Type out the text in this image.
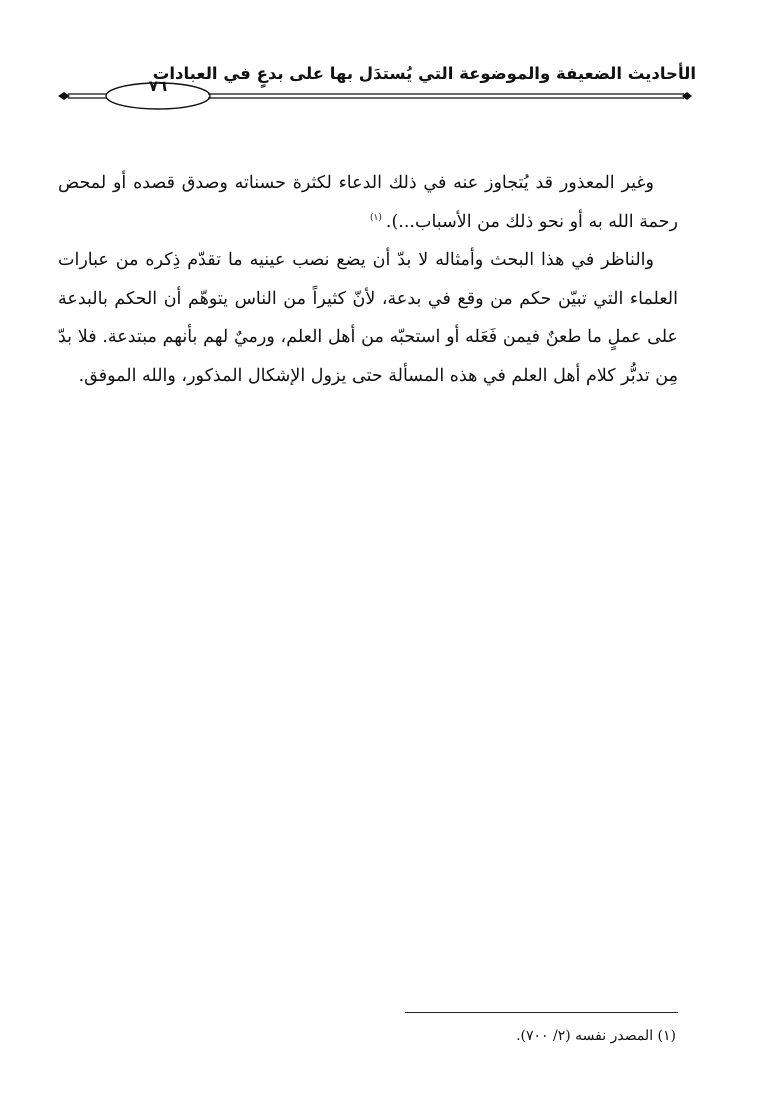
الأحاديث الضعيفة والموضوعة التي يُستدَل بها على بدعٍ في العبادات
٧٦

وغير المعذور قد يُتجاوز عنه في ذلك الدعاء لكثرة حسناته وصدق قصده أو لمحض رحمة الله به أو نحو ذلك من الأسباب...).$^{(١)}$

والناظر في هذا البحث وأمثاله لا بدّ أن يضع نصب عينيه ما تقدّم ذِكره من عبارات العلماء التي تبيّن حكم من وقع في بدعة، لأنّ كثيراً من الناس يتوهّم أن الحكم بالبدعة على عملٍ ما طعنٌ فيمن فَعَله أو استحبّه من أهل العلم، ورميٌ لهم بأنهم مبتدعة. فلا بدّ مِن تدبُّر كلام أهل العلم في هذه المسألة حتى يزول الإشكال المذكور، والله الموفق.

(١) المصدر نفسه (٢/ ٧٠٠).
